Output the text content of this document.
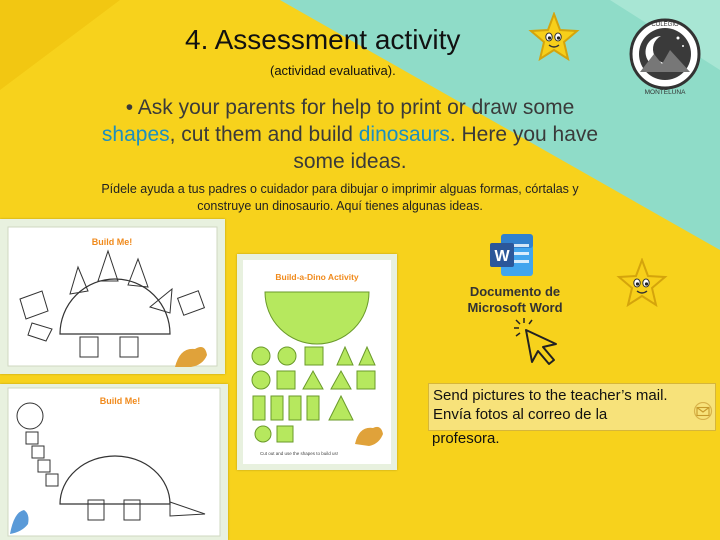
4. Assessment activity
(actividad evaluativa).
COLEGIO
MONTELUNA
• Ask your parents for help to print or draw some
shapes, cut them and build dinosaurs. Here you have
some ideas.
Pídele ayuda a tus padres o cuidador para dibujar o imprimir alguas formas, córtalas y
construye un dinosaurio. Aquí tienes algunas ideas.
Build Me!
Build-a-Dino Activity
Cut out and use the shapes to build us!
Build Me!
W
Documento de
Microsoft Word
Send pictures to the teacher’s mail.
Envía fotos al correo de la
profesora.
